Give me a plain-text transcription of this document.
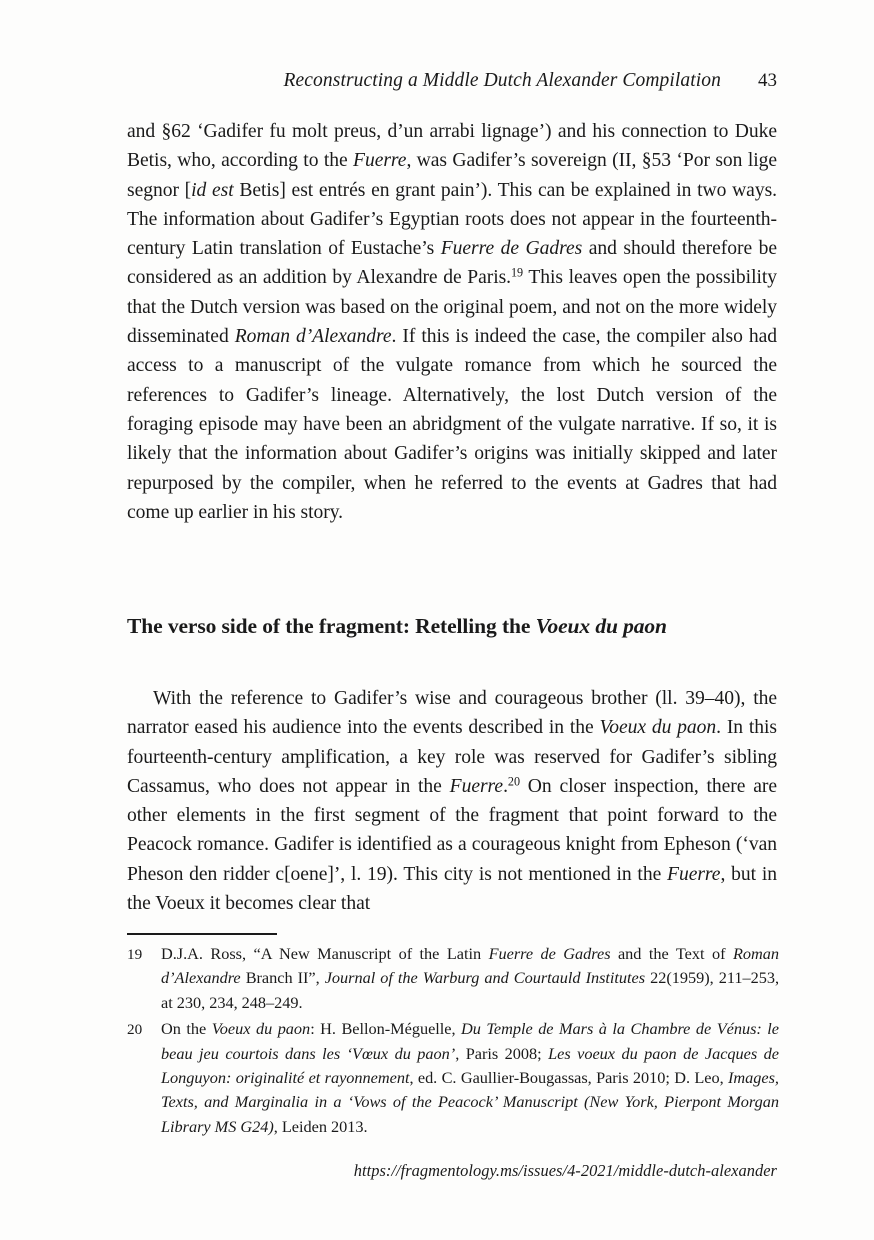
Reconstructing a Middle Dutch Alexander Compilation	43

and §62 ‘Gadifer fu molt preus, d’un arrabi lignage’) and his connection to Duke Betis, who, according to the Fuerre, was Gadifer’s sovereign (II, §53 ‘Por son lige segnor [id est Betis] est entrés en grant pain’). This can be explained in two ways. The information about Gadifer’s Egyptian roots does not appear in the fourteenth-century Latin translation of Eustache’s Fuerre de Gadres and should therefore be considered as an addition by Alexandre de Paris.$^{19}$ This leaves open the possibility that the Dutch version was based on the original poem, and not on the more widely disseminated Roman d’Alexandre. If this is indeed the case, the compiler also had access to a manuscript of the vulgate romance from which he sourced the references to Gadifer’s lineage. Alternatively, the lost Dutch version of the foraging episode may have been an abridgment of the vulgate narrative. If so, it is likely that the information about Gadifer’s origins was initially skipped and later repurposed by the compiler, when he referred to the events at Gadres that had come up earlier in his story.

The verso side of the fragment: Retelling the Voeux du paon

With the reference to Gadifer’s wise and courageous brother (ll. 39–40), the narrator eased his audience into the events described in the Voeux du paon. In this fourteenth-century amplification, a key role was reserved for Gadifer’s sibling Cassamus, who does not appear in the Fuerre.$^{20}$ On closer inspection, there are other elements in the first segment of the fragment that point forward to the Peacock romance. Gadifer is identified as a courageous knight from Epheson (‘van Pheson den ridder c[oene]’, l. 19). This city is not mentioned in the Fuerre, but in the Voeux it becomes clear that

19	D.J.A. Ross, “A New Manuscript of the Latin Fuerre de Gadres and the Text of Roman d’Alexandre Branch II”, Journal of the Warburg and Courtauld Institutes 22(1959), 211–253, at 230, 234, 248–249.
20	On the Voeux du paon: H. Bellon-Méguelle, Du Temple de Mars à la Chambre de Vénus: le beau jeu courtois dans les ‘Vœux du paon’, Paris 2008; Les voeux du paon de Jacques de Longuyon: originalité et rayonnement, ed. C. Gaullier-Bougassas, Paris 2010; D. Leo, Images, Texts, and Marginalia in a ‘Vows of the Peacock’ Manuscript (New York, Pierpont Morgan Library MS G24), Leiden 2013.
https://fragmentology.ms/issues/4-2021/middle-dutch-alexander
